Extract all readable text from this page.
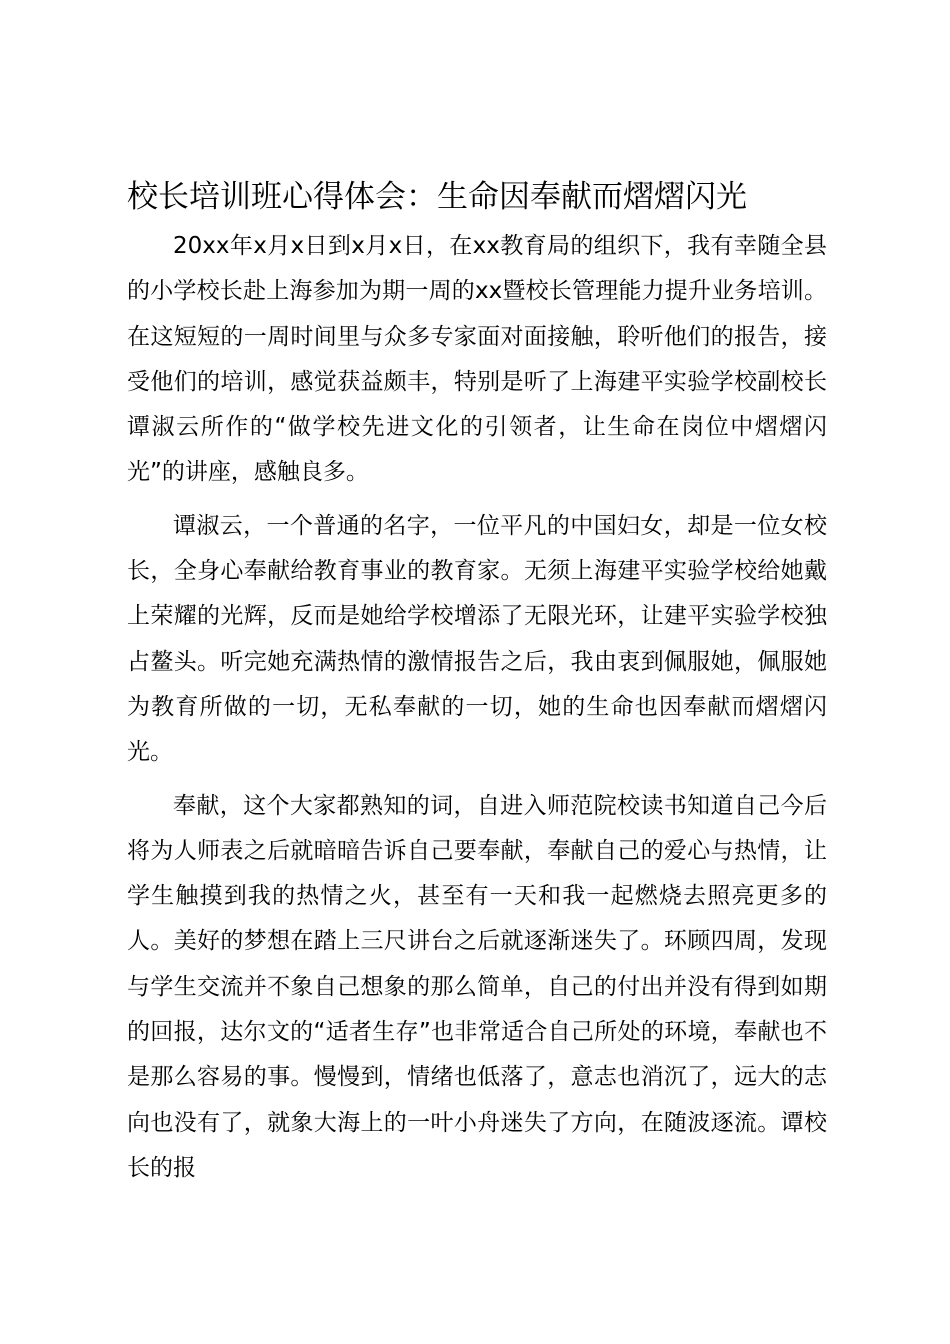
校长培训班心得体会：生命因奉献而熠熠闪光

20xx年x月x日到x月x日，在xx教育局的组织下，我有幸随全县的小学校长赴上海参加为期一周的xx暨校长管理能力提升业务培训。在这短短的一周时间里与众多专家面对面接触，聆听他们的报告，接受他们的培训，感觉获益颇丰，特别是听了上海建平实验学校副校长谭淑云所作的“做学校先进文化的引领者，让生命在岗位中熠熠闪光”的讲座，感触良多。

谭淑云，一个普通的名字，一位平凡的中国妇女，却是一位女校长，全身心奉献给教育事业的教育家。无须上海建平实验学校给她戴上荣耀的光辉，反而是她给学校增添了无限光环，让建平实验学校独占鳌头。听完她充满热情的激情报告之后，我由衷到佩服她，佩服她为教育所做的一切，无私奉献的一切，她的生命也因奉献而熠熠闪光。

奉献，这个大家都熟知的词，自进入师范院校读书知道自己今后将为人师表之后就暗暗告诉自己要奉献，奉献自己的爱心与热情，让学生触摸到我的热情之火，甚至有一天和我一起燃烧去照亮更多的人。美好的梦想在踏上三尺讲台之后就逐渐迷失了。环顾四周，发现与学生交流并不象自己想象的那么简单，自己的付出并没有得到如期的回报，达尔文的“适者生存”也非常适合自己所处的环境，奉献也不是那么容易的事。慢慢到，情绪也低落了，意志也消沉了，远大的志向也没有了，就象大海上的一叶小舟迷失了方向，在随波逐流。谭校长的报
